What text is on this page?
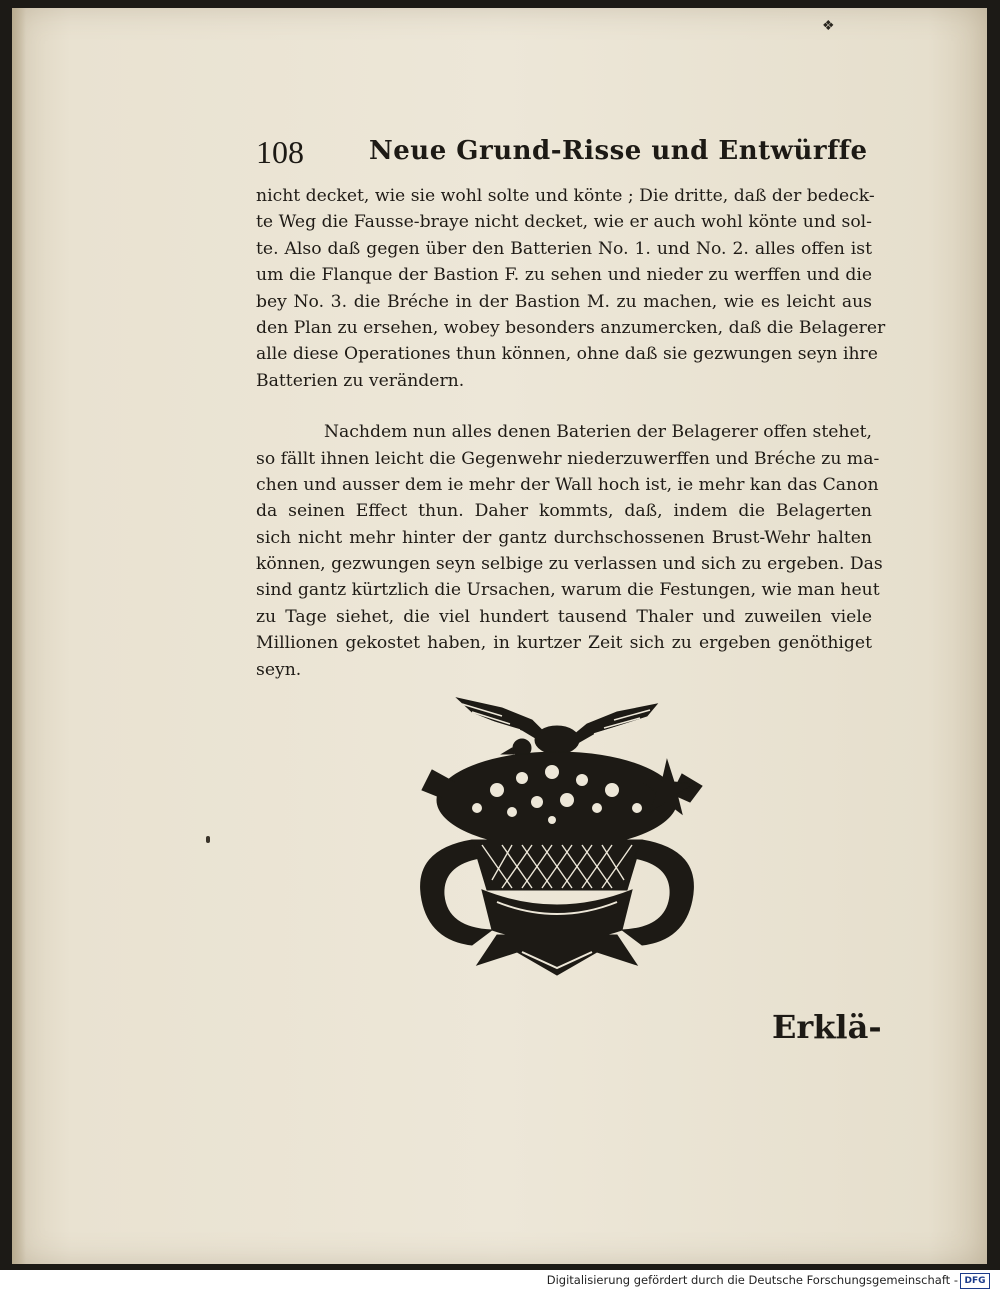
❖
108	Neue Grund-Risse und Entwürffe
nicht decket, wie sie wohl solte und könte ; Die dritte, daß der bedeck-
te Weg die Fausse-braye nicht decket, wie er auch wohl könte und sol-
te. Also daß gegen über den Batterien No. 1. und No. 2. alles offen ist
um die Flanque der Bastion F. zu sehen und nieder zu werffen und die
bey No. 3. die Bréche in der Bastion M. zu machen, wie es leicht aus
den Plan zu ersehen, wobey besonders anzumercken, daß die Belagerer
alle diese Operationes thun können, ohne daß sie gezwungen seyn ihre
Batterien zu verändern.
Nachdem nun alles denen Baterien der Belagerer offen stehet,
so fällt ihnen leicht die Gegenwehr niederzuwerffen und Bréche zu ma-
chen und ausser dem ie mehr der Wall hoch ist, ie mehr kan das Canon
da seinen Effect thun. Daher kommts, daß, indem die Belagerten
sich nicht mehr hinter der gantz durchschossenen Brust-Wehr halten
können, gezwungen seyn selbige zu verlassen und sich zu ergeben. Das
sind gantz kürtzlich die Ursachen, warum die Festungen, wie man heut
zu Tage siehet, die viel hundert tausend Thaler und zuweilen viele
Millionen gekostet haben, in kurtzer Zeit sich zu ergeben genöthiget
seyn.
Erklä-
Digitalisierung gefördert durch die Deutsche Forschungsgemeinschaft - DFG
